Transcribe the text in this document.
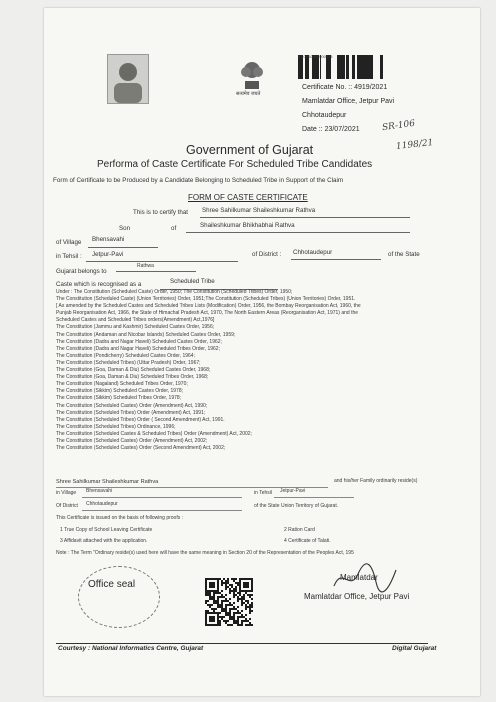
सत्यमेव जयते
01 0000000000013
Certificate No. :: 4919/2021
Mamlatdar Office, Jetpur Pavi
Chhotaudepur
Date :: 23/07/2021 SR-106
1198/21
Government of Gujarat
Performa of Caste Certificate For Scheduled Tribe Candidates
Form of Certificate to be Produced by a Candidate Belonging to Scheduled Tribe in Support of the Claim
FORM OF CASTE CERTIFICATE
This is to certify that Shree Sahilkumar Shaileshkumar Rathva
Son	of	Shaileshkumar Bhikhabhai Rathva
of Village Bhensavahi
in Tehsil : Jetpur-Pavi	of District : Chhotaudepur	of the State
Gujarat belongs to
Rathwa
Caste which is recognised as a	Scheduled Tribe
Under : The Constitution (Scheduled Caste) Order, 1950; The Constitution (Scheduled Tribes) Order, 1950;
The Constitution (Scheduled Caste) (Union Territories) Order, 1951;The Constitution (Scheduled Tribes) (Union Territories) Order, 1951.
[ As amended by the Scheduled Castes and Scheduled Tribes Lists (Modification) Order, 1956, the Bombay Reorganisation Act, 1960, the
Punjab Reorganisation Act, 1966, the State of Himachal Pradesh Act, 1970, The North Eastern Areas (Reorganisation Act, 1971) and the
Scheduled Castes and Scheduled Tribes orders(Amendment) Act,1976]
The Constitution (Jammu and Kashmir) Scheduled Castes Order, 1956;
The Constitution (Andaman and Nicobar Islands) Scheduled Castes Order, 1959;
The Constitution (Dadra and Nagar Haveli) Scheduled Castes Order, 1962;
The Constitution (Dadra and Nagar Haveli) Scheduled Tribes Order, 1962;
The Constitution (Pondicherry) Scheduled Castes Order, 1964;
The Constitution (Scheduled Tribes) (Uttar Pradesh) Order, 1967;
The Constitution (Goa, Daman & Diu) Scheduled Castes Order, 1968;
The Constitution (Goa, Daman & Diu) Scheduled Tribes Order, 1968;
The Constitution (Nagaland) Scheduled Tribes Order, 1970;
The Constitution (Sikkim) Scheduled Castes Order, 1978;
The Constitution (Sikkim) Scheduled Tribes Order, 1978;
The Constitution (Scheduled Castes) Order (Amendment) Act, 1990;
The Constitution (Scheduled Tribes) Order (Amendment) Act, 1991;
The Constitution (Scheduled Tribes) Order ( Second Amendment) Act, 1991.
The Constitution (Scheduled Tribes) Ordinance, 1996;
The Constitution (Scheduled Castes & Scheduled Tribes) Order (Amendment) Act, 2002;
The Constitution (Scheduled Castes) Order (Amendment) Act, 2002;
The Constitution (Scheduled Castes) Order (Second Amendment) Act, 2002;
Shree Sahilkumar Shaileshkumar Rathva	and his/her Family ordinarily reside(s)
in Village Bhensavahi	in Tehsil Jetpur-Pavi
Of District Chhotaudepur	of the State Union Territory of Gujarat.
This Certificate is issued on the basis of following proofs :
1 True Copy of School Leaving Certificate	2 Ration Card
3 Affidavit attached with the application.	4 Certificate of Talati.
Note : The Term "Ordinary reside(s) used here will have the same meaning in Section 20 of the Representation of the Peoples Act, 195
Office seal
Mamlatdar
Mamlatdar Office, Jetpur Pavi
Courtesy : National Informatics Centre, Gujarat	Digital Gujarat
